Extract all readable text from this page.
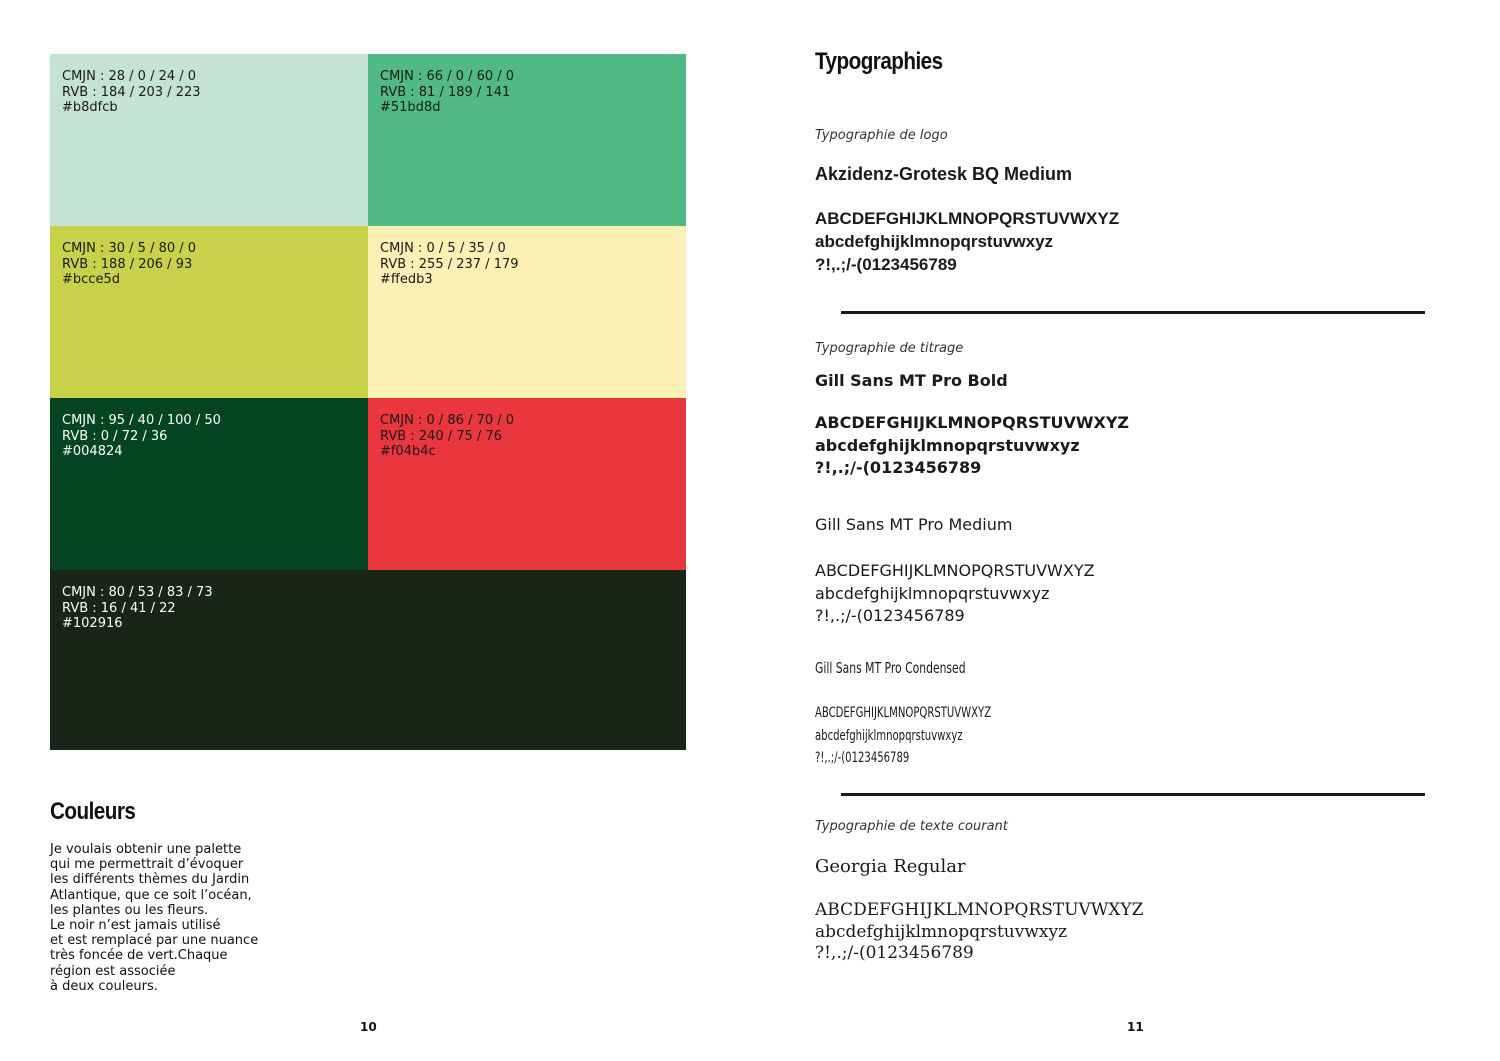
CMJN : 28 / 0 / 24 / 0
RVB : 184 / 203 / 223
#b8dfcb
CMJN : 66 / 0 / 60 / 0
RVB : 81 / 189 / 141
#51bd8d
CMJN : 30 / 5 / 80 / 0
RVB : 188 / 206 / 93
#bcce5d
CMJN : 0 / 5 / 35 / 0
RVB : 255 / 237 / 179
#ffedb3
CMJN : 95 / 40 / 100 / 50
RVB : 0 / 72 / 36
#004824
CMJN : 0 / 86 / 70 / 0
RVB : 240 / 75 / 76
#f04b4c
CMJN : 80 / 53 / 83 / 73
RVB : 16 / 41 / 22
#102916
Couleurs
Je voulais obtenir une palette
qui me permettrait d’évoquer
les différents thèmes du Jardin
Atlantique, que ce soit l’océan,
les plantes ou les fleurs.
Le noir n’est jamais utilisé
et est remplacé par une nuance
très foncée de vert.Chaque
région est associée
à deux couleurs.
10
Typographies
Typographie de logo
Akzidenz-Grotesk BQ Medium
ABCDEFGHIJKLMNOPQRSTUVWXYZ
abcdefghijklmnopqrstuvwxyz
?!,.;/-(0123456789
Typographie de titrage
Gill Sans MT Pro Bold
ABCDEFGHIJKLMNOPQRSTUVWXYZ
abcdefghijklmnopqrstuvwxyz
?!,.;/-(0123456789
Gill Sans MT Pro Medium
ABCDEFGHIJKLMNOPQRSTUVWXYZ
abcdefghijklmnopqrstuvwxyz
?!,.;/-(0123456789
Gill Sans MT Pro Condensed
ABCDEFGHIJKLMNOPQRSTUVWXYZ
abcdefghijklmnopqrstuvwxyz
?!,.;/-(0123456789
Typographie de texte courant
Georgia Regular
ABCDEFGHIJKLMNOPQRSTUVWXYZ
abcdefghijklmnopqrstuvwxyz
?!,.;/-(0123456789
11
